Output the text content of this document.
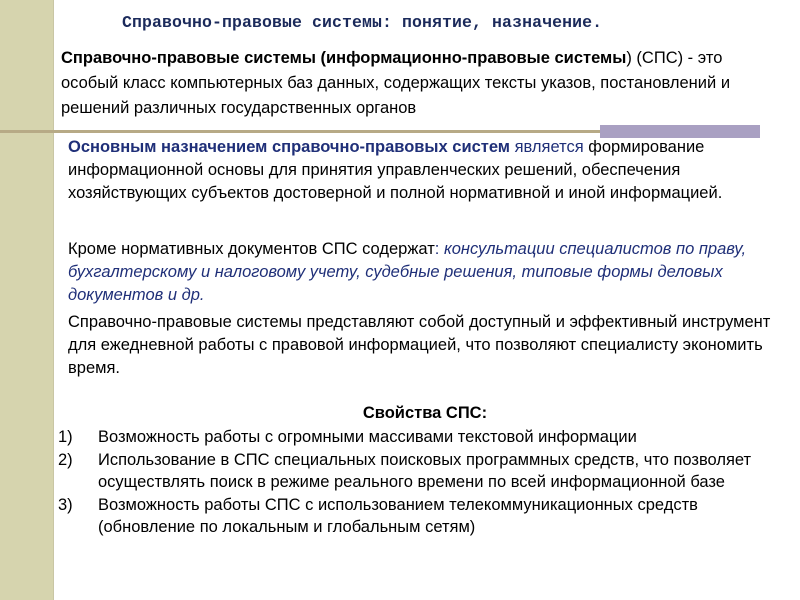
Справочно-правовые системы: понятие, назначение.
Справочно-правовые системы (информационно-правовые системы) (СПС) - это особый класс компьютерных баз данных, содержащих тексты указов, постановлений и решений различных государственных органов
Основным назначением справочно-правовых систем является формирование информационной основы для принятия управленческих решений, обеспечения хозяйствующих субъектов достоверной и полной нормативной и иной информацией.
Кроме нормативных документов СПС содержат: консультации специалистов по праву, бухгалтерскому и налоговому учету, судебные решения, типовые формы деловых документов и др.
Справочно-правовые системы представляют собой доступный и эффективный инструмент для ежедневной работы с правовой информацией, что позволяют специалисту экономить время.
Свойства СПС:
1) Возможность работы с огромными массивами текстовой информации
2) Использование в СПС специальных поисковых программных средств, что позволяет осуществлять поиск в режиме реального времени по всей информационной базе
3) Возможность работы СПС с использованием телекоммуникационных средств (обновление по локальным и глобальным сетям)
